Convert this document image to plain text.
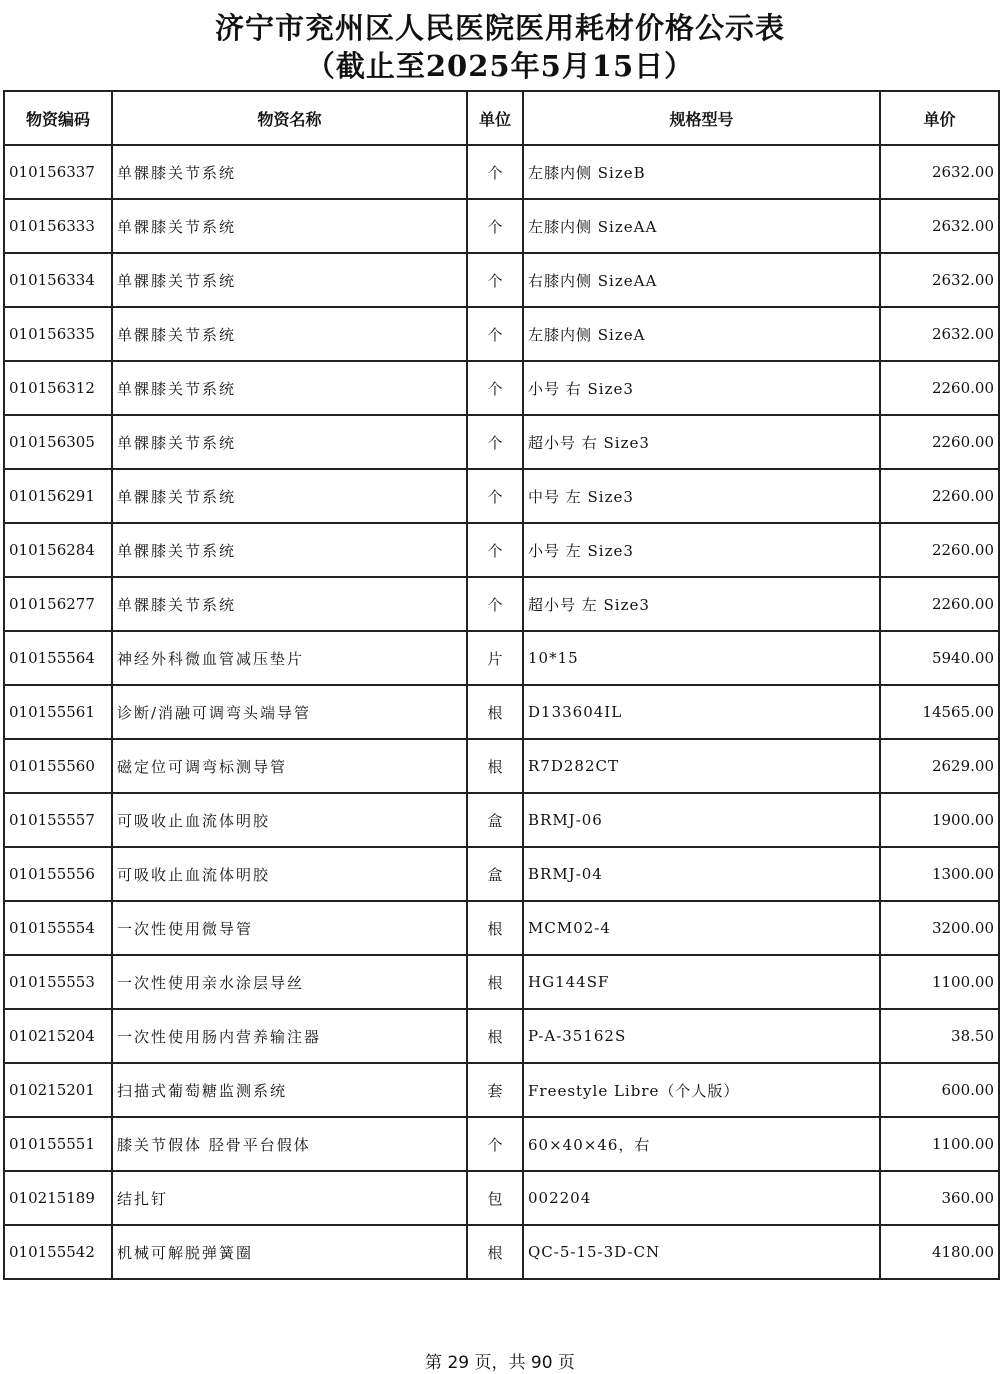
济宁市兖州区人民医院医用耗材价格公示表
（截止至2025年5月15日）
物资编码	物资名称	单位	规格型号	单价
010156337	单髁膝关节系统	个	左膝内侧 SizeB	2632.00
010156333	单髁膝关节系统	个	左膝内侧 SizeAA	2632.00
010156334	单髁膝关节系统	个	右膝内侧 SizeAA	2632.00
010156335	单髁膝关节系统	个	左膝内侧 SizeA	2632.00
010156312	单髁膝关节系统	个	小号 右 Size3	2260.00
010156305	单髁膝关节系统	个	超小号 右 Size3	2260.00
010156291	单髁膝关节系统	个	中号 左 Size3	2260.00
010156284	单髁膝关节系统	个	小号 左 Size3	2260.00
010156277	单髁膝关节系统	个	超小号 左 Size3	2260.00
010155564	神经外科微血管减压垫片	片	10*15	5940.00
010155561	诊断/消融可调弯头端导管	根	D133604IL	14565.00
010155560	磁定位可调弯标测导管	根	R7D282CT	2629.00
010155557	可吸收止血流体明胶	盒	BRMJ-06	1900.00
010155556	可吸收止血流体明胶	盒	BRMJ-04	1300.00
010155554	一次性使用微导管	根	MCM02-4	3200.00
010155553	一次性使用亲水涂层导丝	根	HG144SF	1100.00
010215204	一次性使用肠内营养输注器	根	P-A-35162S	38.50
010215201	扫描式葡萄糖监测系统	套	Freestyle Libre（个人版）	600.00
010155551	膝关节假体 胫骨平台假体	个	60×40×46，右	1100.00
010215189	结扎钉	包	002204	360.00
010155542	机械可解脱弹簧圈	根	QC-5-15-3D-CN	4180.00
第 29 页，共 90 页
